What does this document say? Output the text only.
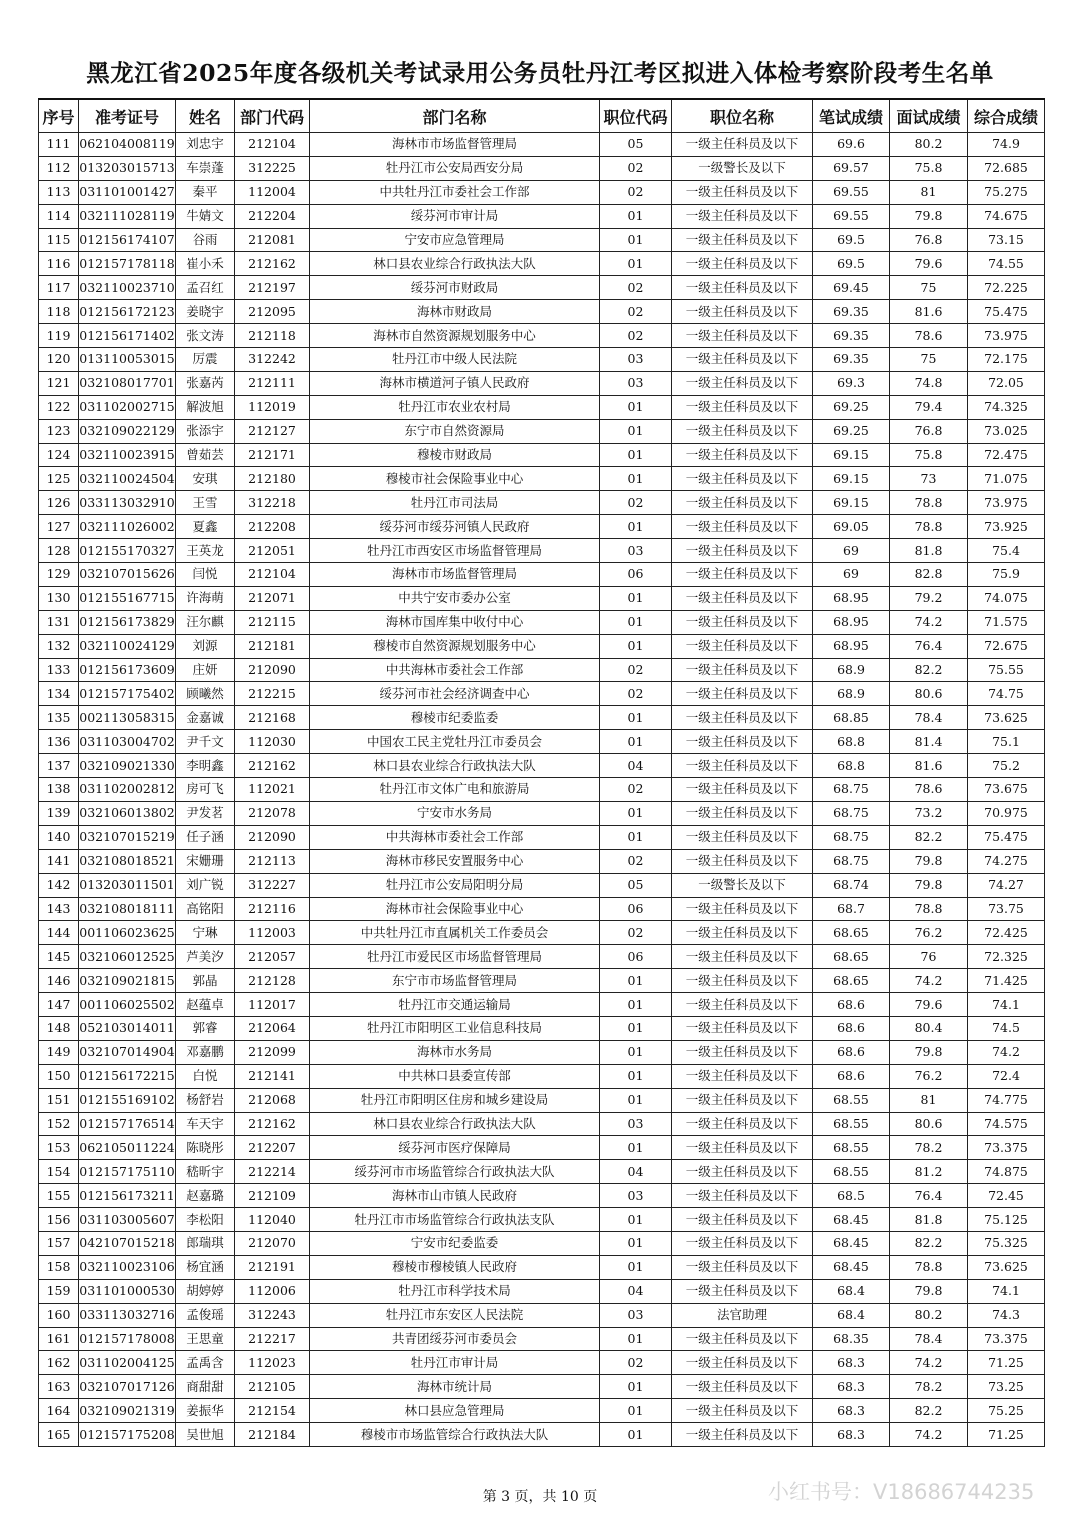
黑龙江省2025年度各级机关考试录用公务员牡丹江考区拟进入体检考察阶段考生名单
序号	准考证号	姓名	部门代码	部门名称	职位代码	职位名称	笔试成绩	面试成绩	综合成绩
111	062104008119	刘忠宇	212104	海林市市场监督管理局	05	一级主任科员及以下	69.6	80.2	74.9
112	013203015713	车崇蓬	312225	牡丹江市公安局西安分局	02	一级警长及以下	69.57	75.8	72.685
113	031101001427	秦平	112004	中共牡丹江市委社会工作部	02	一级主任科员及以下	69.55	81	75.275
114	032111028119	牛婧文	212204	绥芬河市审计局	01	一级主任科员及以下	69.55	79.8	74.675
115	012156174107	谷雨	212081	宁安市应急管理局	01	一级主任科员及以下	69.5	76.8	73.15
116	012157178118	崔小禾	212162	林口县农业综合行政执法大队	01	一级主任科员及以下	69.5	79.6	74.55
117	032110023710	孟召红	212197	绥芬河市财政局	02	一级主任科员及以下	69.45	75	72.225
118	012156172123	姜晓宇	212095	海林市财政局	02	一级主任科员及以下	69.35	81.6	75.475
119	012156171402	张文涛	212118	海林市自然资源规划服务中心	02	一级主任科员及以下	69.35	78.6	73.975
120	013110053015	厉震	312242	牡丹江市中级人民法院	03	一级主任科员及以下	69.35	75	72.175
121	032108017701	张嘉芮	212111	海林市横道河子镇人民政府	03	一级主任科员及以下	69.3	74.8	72.05
122	031102002715	解波旭	112019	牡丹江市农业农村局	01	一级主任科员及以下	69.25	79.4	74.325
123	032109022129	张添宇	212127	东宁市自然资源局	01	一级主任科员及以下	69.25	76.8	73.025
124	032110023915	曾茹芸	212171	穆棱市财政局	01	一级主任科员及以下	69.15	75.8	72.475
125	032110024504	安琪	212180	穆棱市社会保险事业中心	01	一级主任科员及以下	69.15	73	71.075
126	033113032910	王雪	312218	牡丹江市司法局	02	一级主任科员及以下	69.15	78.8	73.975
127	032111026002	夏鑫	212208	绥芬河市绥芬河镇人民政府	01	一级主任科员及以下	69.05	78.8	73.925
128	012155170327	王英龙	212051	牡丹江市西安区市场监督管理局	03	一级主任科员及以下	69	81.8	75.4
129	032107015626	闫悦	212104	海林市市场监督管理局	06	一级主任科员及以下	69	82.8	75.9
130	012155167715	许海萌	212071	中共宁安市委办公室	01	一级主任科员及以下	68.95	79.2	74.075
131	012156173829	汪尔麒	212115	海林市国库集中收付中心	01	一级主任科员及以下	68.95	74.2	71.575
132	032110024129	刘源	212181	穆棱市自然资源规划服务中心	01	一级主任科员及以下	68.95	76.4	72.675
133	012156173609	庄妍	212090	中共海林市委社会工作部	02	一级主任科员及以下	68.9	82.2	75.55
134	012157175402	顾曦然	212215	绥芬河市社会经济调查中心	02	一级主任科员及以下	68.9	80.6	74.75
135	002113058315	金嘉诚	212168	穆棱市纪委监委	01	一级主任科员及以下	68.85	78.4	73.625
136	031103004702	尹千文	112030	中国农工民主党牡丹江市委员会	01	一级主任科员及以下	68.8	81.4	75.1
137	032109021330	李明鑫	212162	林口县农业综合行政执法大队	04	一级主任科员及以下	68.8	81.6	75.2
138	031102002812	房可飞	112021	牡丹江市文体广电和旅游局	02	一级主任科员及以下	68.75	78.6	73.675
139	032106013802	尹发茗	212078	宁安市水务局	01	一级主任科员及以下	68.75	73.2	70.975
140	032107015219	任子涵	212090	中共海林市委社会工作部	01	一级主任科员及以下	68.75	82.2	75.475
141	032108018521	宋姗珊	212113	海林市移民安置服务中心	02	一级主任科员及以下	68.75	79.8	74.275
142	013203011501	刘广锐	312227	牡丹江市公安局阳明分局	05	一级警长及以下	68.74	79.8	74.27
143	032108018111	高铭阳	212116	海林市社会保险事业中心	06	一级主任科员及以下	68.7	78.8	73.75
144	001106023625	宁琳	112003	中共牡丹江市直属机关工作委员会	02	一级主任科员及以下	68.65	76.2	72.425
145	032106012525	芦美汐	212057	牡丹江市爱民区市场监督管理局	06	一级主任科员及以下	68.65	76	72.325
146	032109021815	郭晶	212128	东宁市市场监督管理局	01	一级主任科员及以下	68.65	74.2	71.425
147	001106025502	赵蕴卓	112017	牡丹江市交通运输局	01	一级主任科员及以下	68.6	79.6	74.1
148	052103014011	郭睿	212064	牡丹江市阳明区工业信息科技局	01	一级主任科员及以下	68.6	80.4	74.5
149	032107014904	邓嘉鹏	212099	海林市水务局	01	一级主任科员及以下	68.6	79.8	74.2
150	012156172215	白悦	212141	中共林口县委宣传部	01	一级主任科员及以下	68.6	76.2	72.4
151	012155169102	杨舒岩	212068	牡丹江市阳明区住房和城乡建设局	01	一级主任科员及以下	68.55	81	74.775
152	012157176514	车天宇	212162	林口县农业综合行政执法大队	03	一级主任科员及以下	68.55	80.6	74.575
153	062105011224	陈晓彤	212207	绥芬河市医疗保障局	01	一级主任科员及以下	68.55	78.2	73.375
154	012157175110	嵇昕宇	212214	绥芬河市市场监管综合行政执法大队	04	一级主任科员及以下	68.55	81.2	74.875
155	012156173211	赵嘉璐	212109	海林市山市镇人民政府	03	一级主任科员及以下	68.5	76.4	72.45
156	031103005607	李松阳	112040	牡丹江市市场监管综合行政执法支队	01	一级主任科员及以下	68.45	81.8	75.125
157	042107015218	郎瑞琪	212070	宁安市纪委监委	01	一级主任科员及以下	68.45	82.2	75.325
158	032110023106	杨宜涵	212191	穆棱市穆棱镇人民政府	01	一级主任科员及以下	68.45	78.8	73.625
159	031101000530	胡婷婷	112006	牡丹江市科学技术局	04	一级主任科员及以下	68.4	79.8	74.1
160	033113032716	孟俊瑶	312243	牡丹江市东安区人民法院	03	法官助理	68.4	80.2	74.3
161	012157178008	王思童	212217	共青团绥芬河市委员会	01	一级主任科员及以下	68.35	78.4	73.375
162	031102004125	孟禹含	112023	牡丹江市审计局	02	一级主任科员及以下	68.3	74.2	71.25
163	032107017126	商甜甜	212105	海林市统计局	01	一级主任科员及以下	68.3	78.2	73.25
164	032109021319	姜振华	212154	林口县应急管理局	01	一级主任科员及以下	68.3	82.2	75.25
165	012157175208	吴世旭	212184	穆棱市市场监管综合行政执法大队	01	一级主任科员及以下	68.3	74.2	71.25
第 3 页，共 10 页	小红书号：V18686744235
